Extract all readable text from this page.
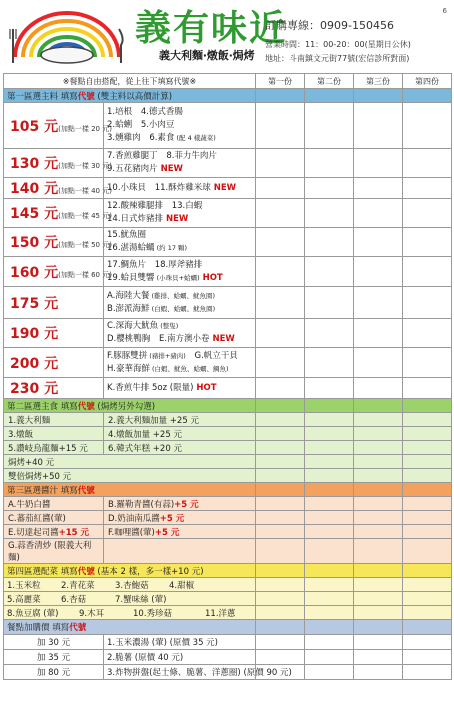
義有味近
義大利麵‧燉飯‧焗烤
訂購專線：0909-150456
營業時間：11：00-20：00(星期日公休)
地址：斗南鎮文元街77號(宏信診所對面)
6
※餐點自由搭配，從上往下填寫代號※		第一份	第二份	第三份	第四份
第一區選主料 填寫代號 (雙主料以高價計算)					
105 元(加點一樣 20 元)	1.培根 4.德式香腸
2.蛤蜊 5.小肉豆
3.燻雞肉 6.素食 (配 4 樣蔬菜)				

130 元(加點一樣 30 元)	7.香煎雞腿丁 8.菲力牛肉片
9.五花豬肉片 NEW				

140 元(加點一樣 40 元)	10.小珠貝 11.酥炸雞米球 NEW				

145 元(加點一樣 45 元)	12.酸辣雞腿排 13.白蝦
14.日式炸豬排 NEW				

150 元(加點一樣 50 元)	15.魷魚圈
16.湛湯蛤蠣 (約 17 顆)				

160 元(加點一樣 60 元)	17.鯛魚片 18.厚斧豬排
19.蛤貝雙響 (小珠貝+蛤蠣) HOT				

175 元	A.海陸大餐 (雞排、蛤蠣、魷魚圈)
B.澎派海鮮 (白蝦、蛤蠣、魷魚圈)				

190 元	C.深海大魷魚 (整隻)
D.櫻桃鴨胸 E.南方澳小卷 NEW				

200 元	F.豚豚雙拼 (豬排+豬肉) G.帆立干貝
H.豪華海鮮 (白蝦、魷魚、蛤蠣、鯛魚)				

230 元	K.香煎牛排 5oz (限量) HOT				

第二區選主食 填寫代號 (焗烤另外勾選)					
1.義大利麵	2.義大利麵加量 +25 元				
3.燉飯	4.燉飯加量 +25 元				
5.讚岐烏龍麵+15 元	6.韓式年糕 +20 元				
焗烤+40 元					
雙倍焗烤+50 元					
第三區選醬汁 填寫代號					
A.牛奶白醬	B.羅勒青醬(有蒜)+5 元				
C.蕃茄紅醬(葷)	D.奶油南瓜醬+5 元				
E.切達起司醬+15 元	F.咖哩醬(葷)+5 元				
G.蒜香清炒 (限義大利麵)					
第四區選配菜 填寫代號 (基本 2 樣，多一樣+10 元)					
1.玉米粒 2.青花菜 3.杏鮑菇 4.甜椒					
5.高麗菜 6.杏菇 7.蟹味絲 (葷)					
8.魚豆腐 (葷) 9.木耳 10.秀珍菇 11.洋蔥					
餐點加購價 填寫代號					
加 30 元	1.玉米濃湯 (葷) (原價 35 元)				
加 35 元	2.脆薯 (原價 40 元)				
加 80 元	3.炸物拼盤(起士條、脆薯、洋蔥圈) (原價 90 元)				
